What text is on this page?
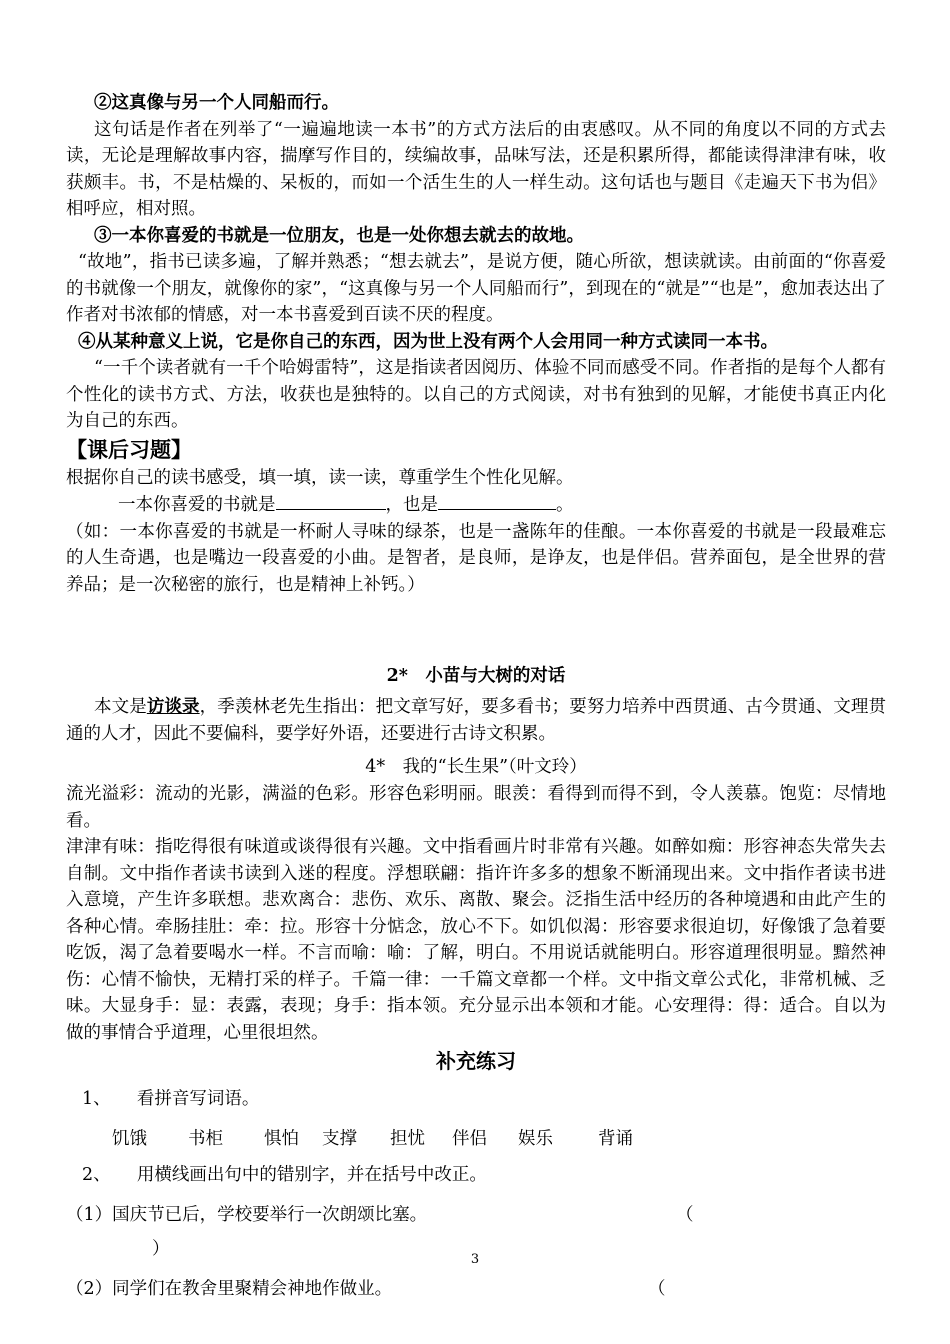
②这真像与另一个人同船而行。

这句话是作者在列举了“一遍遍地读一本书”的方式方法后的由衷感叹。从不同的角度以不同的方式去读，无论是理解故事内容，揣摩写作目的，续编故事，品味写法，还是积累所得，都能读得津津有味，收获颇丰。书，不是枯燥的、呆板的，而如一个活生生的人一样生动。这句话也与题目《走遍天下书为侣》相呼应，相对照。

③一本你喜爱的书就是一位朋友，也是一处你想去就去的故地。

“故地”，指书已读多遍，了解并熟悉；“想去就去”，是说方便，随心所欲，想读就读。由前面的“你喜爱的书就像一个朋友，就像你的家”，“这真像与另一个人同船而行”，到现在的“就是”“也是”，愈加表达出了作者对书浓郁的情感，对一本书喜爱到百读不厌的程度。

④从某种意义上说，它是你自己的东西，因为世上没有两个人会用同一种方式读同一本书。

“一千个读者就有一千个哈姆雷特”，这是指读者因阅历、体验不同而感受不同。作者指的是每个人都有个性化的读书方式、方法，收获也是独特的。以自己的方式阅读，对书有独到的见解，才能使书真正内化为自己的东西。

【课后习题】

根据你自己的读书感受，填一填，读一读，尊重学生个性化见解。

一本你喜爱的书就是	，也是	。

（如：一本你喜爱的书就是一杯耐人寻味的绿茶，也是一盏陈年的佳酿。一本你喜爱的书就是一段最难忘的人生奇遇，也是嘴边一段喜爱的小曲。是智者，是良师，是诤友，也是伴侣。营养面包，是全世界的营养品；是一次秘密的旅行，也是精神上补钙。）

2*　小苗与大树的对话

本文是访谈录，季羡林老先生指出：把文章写好，要多看书；要努力培养中西贯通、古今贯通、文理贯通的人才，因此不要偏科，要学好外语，还要进行古诗文积累。

4*　我的“长生果”（叶文玲）

流光溢彩：流动的光影，满溢的色彩。形容色彩明丽。眼羡：看得到而得不到，令人羡慕。饱览：尽情地看。

津津有味：指吃得很有味道或谈得很有兴趣。文中指看画片时非常有兴趣。如醉如痴：形容神态失常失去自制。文中指作者读书读到入迷的程度。浮想联翩：指许许多多的想象不断涌现出来。文中指作者读书进入意境，产生许多联想。悲欢离合：悲伤、欢乐、离散、聚会。泛指生活中经历的各种境遇和由此产生的各种心情。牵肠挂肚：牵：拉。形容十分惦念，放心不下。如饥似渴：形容要求很迫切，好像饿了急着要吃饭，渴了急着要喝水一样。不言而喻：喻：了解，明白。不用说话就能明白。形容道理很明显。黯然神伤：心情不愉快，无精打采的样子。千篇一律：一千篇文章都一个样。文中指文章公式化，非常机械、乏味。大显身手：显：表露，表现；身手：指本领。充分显示出本领和才能。心安理得：得：适合。自以为做的事情合乎道理，心里很坦然。

补充练习

1、　　看拼音写词语。

饥饿	书柜	惧怕	支撑	担忧	伴侣	娱乐	背诵

2、　　用横线画出句中的错别字，并在括号中改正。

（1）国庆节已后，学校要举行一次朗颂比塞。	（

）

（2）同学们在教舍里聚精会神地作做业。	（
3
